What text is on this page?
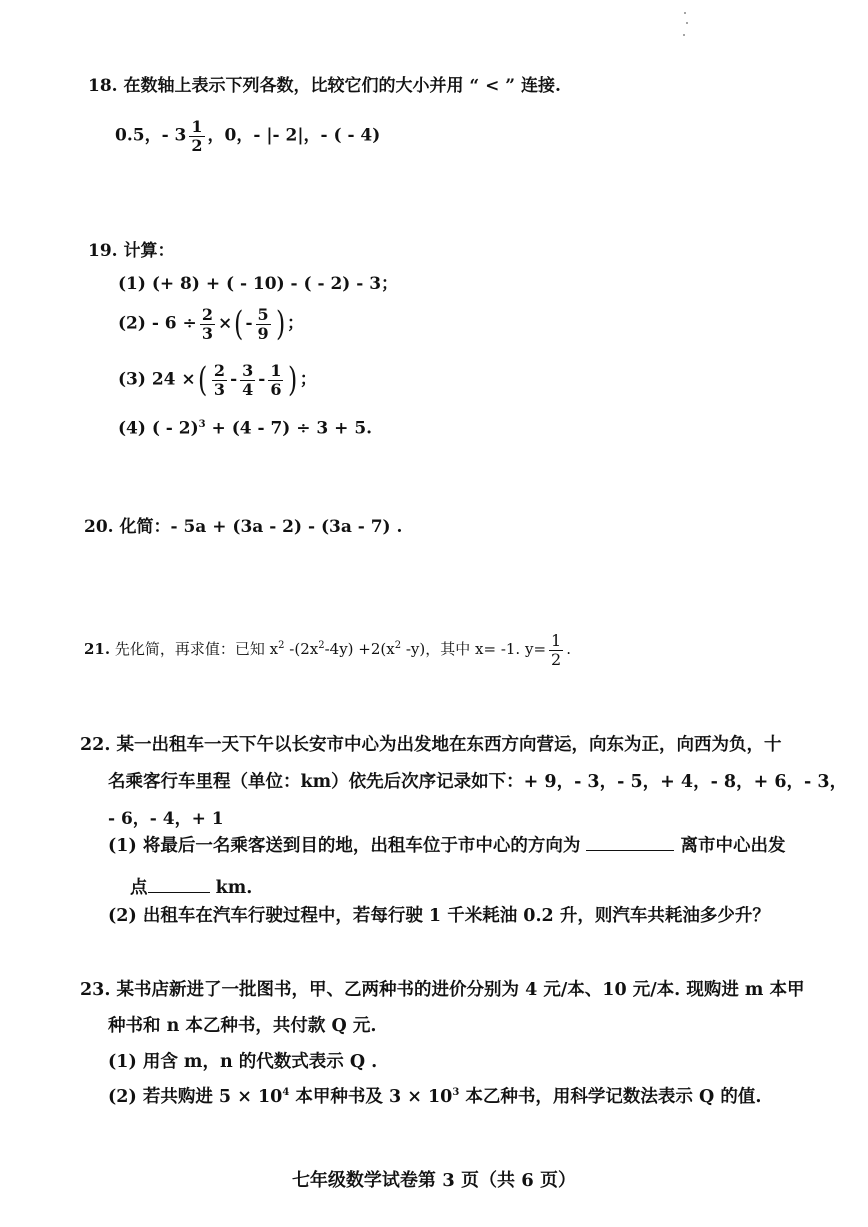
18. 在数轴上表示下列各数，比较它们的大小并用 “ < ” 连接.
0.5，- $3 \frac{1}{2}$ ，0，- |- 2|，- ( - 4)
19. 计算：
(1) (+ 8) + ( - 10) - ( - 2) - 3；
$(2) - 6 \div \frac{2}{3}$ ×( - $\frac{5}{9}$ ) ；
(3) 24 ×( $\frac{2}{3} - \frac{3}{4} - \frac{1}{6}$ ) ；
(4) ( - 2)$^3$ + (4 - 7) ÷ 3 + 5.
20. 化简：- 5a + (3a - 2) - (3a - 7) .
21. 先化简，再求值：已知 $x^2$ $-(2x^2-4y) +2(x^2$ -y)，其中 x= -1. $y= \frac{1}{2}$ .
22. 某一出租车一天下午以长安市中心为出发地在东西方向营运，向东为正，向西为负，十
名乘客行车里程（单位：km）依先后次序记录如下：+ 9，- 3，- 5，+ 4，- 8，+ 6，- 3，
- 6，- 4，+ 1
(1) 将最后一名乘客送到目的地，出租车位于市中心的方向为	离市中心出发
点	km.
(2) 出租车在汽车行驶过程中，若每行驶 1 千米耗油 0.2 升，则汽车共耗油多少升？
23. 某书店新进了一批图书，甲、乙两种书的进价分别为 4 元/本、10 元/本. 现购进 m 本甲
种书和 n 本乙种书，共付款 Q 元.
(1) 用含 m，n 的代数式表示 Q .
(2) 若共购进 $5 \times 10^4$ 本甲种书及 $3 \times 10^3$ 本乙种书，用科学记数法表示 Q 的值.
七年级数学试卷第 3 页（共 6 页）
